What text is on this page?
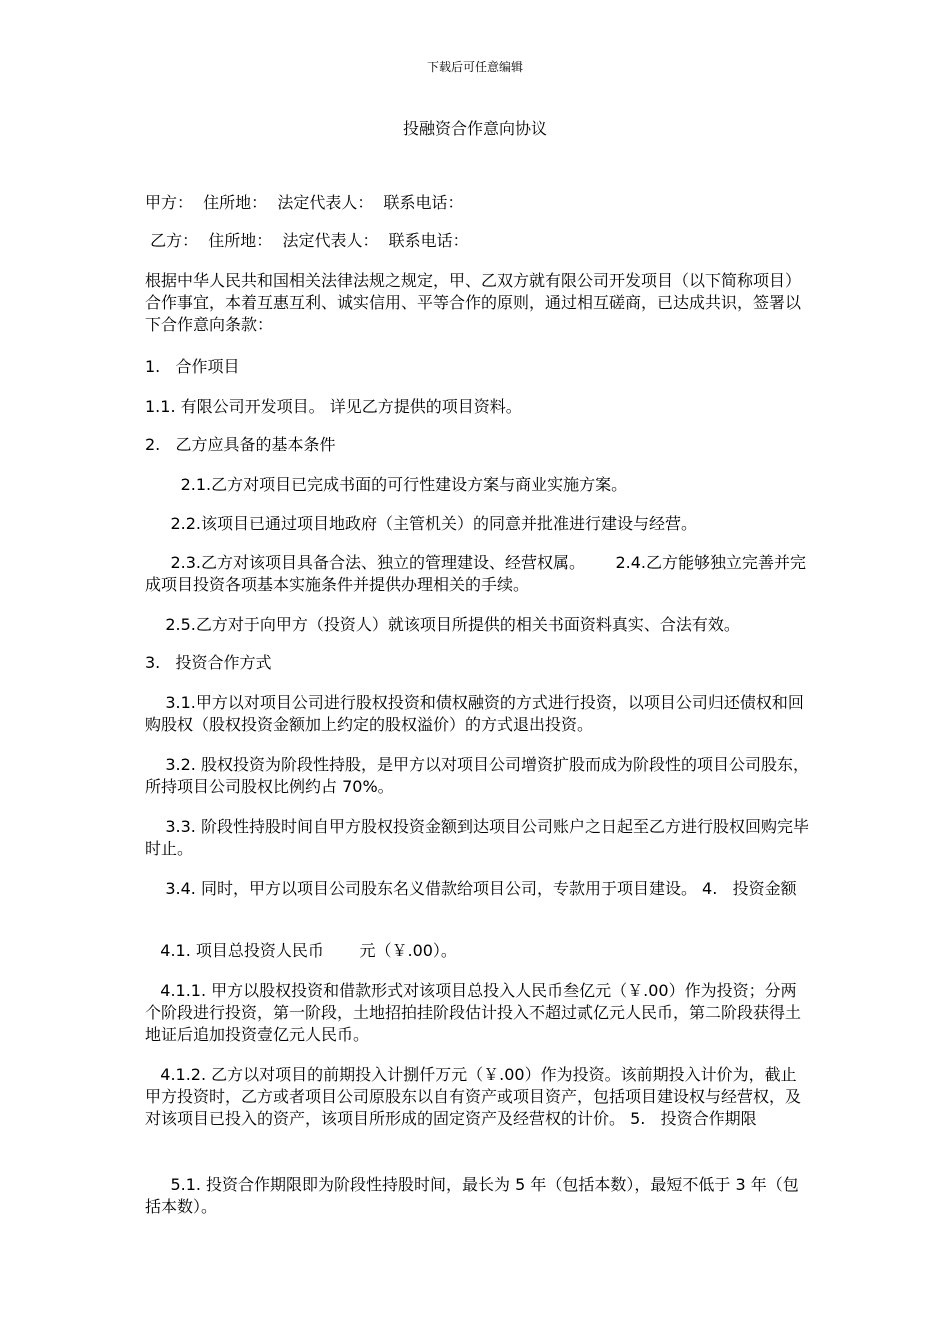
下载后可任意编辑
投融资合作意向协议
甲方：  住所地：  法定代表人：  联系电话：
乙方：  住所地：  法定代表人：  联系电话：
根据中华人民共和国相关法律法规之规定，甲、乙双方就有限公司开发项目（以下简称项目）合作事宜，本着互惠互利、诚实信用、平等合作的原则，通过相互磋商，已达成共识，签署以下合作意向条款：
1.   合作项目
1.1. 有限公司开发项目。 详见乙方提供的项目资料。
2.   乙方应具备的基本条件
2.1.乙方对项目已完成书面的可行性建设方案与商业实施方案。
2.2.该项目已通过项目地政府（主管机关）的同意并批准进行建设与经营。
2.3.乙方对该项目具备合法、独立的管理建设、经营权属。      2.4.乙方能够独立完善并完成项目投资各项基本实施条件并提供办理相关的手续。
2.5.乙方对于向甲方（投资人）就该项目所提供的相关书面资料真实、合法有效。
3.   投资合作方式
3.1.甲方以对项目公司进行股权投资和债权融资的方式进行投资，以项目公司归还债权和回购股权（股权投资金额加上约定的股权溢价）的方式退出投资。
3.2. 股权投资为阶段性持股，是甲方以对项目公司增资扩股而成为阶段性的项目公司股东，所持项目公司股权比例约占 70%。
3.3. 阶段性持股时间自甲方股权投资金额到达项目公司账户之日起至乙方进行股权回购完毕时止。
3.4. 同时，甲方以项目公司股东名义借款给项目公司，专款用于项目建设。 4.   投资金额
4.1. 项目总投资人民币       元（￥.00）。
4.1.1. 甲方以股权投资和借款形式对该项目总投入人民币叁亿元（￥.00）作为投资；分两个阶段进行投资，第一阶段，土地招拍挂阶段估计投入不超过贰亿元人民币，第二阶段获得土地证后追加投资壹亿元人民币。
4.1.2. 乙方以对项目的前期投入计捌仟万元（￥.00）作为投资。该前期投入计价为，截止甲方投资时，乙方或者项目公司原股东以自有资产或项目资产，包括项目建设权与经营权，及对该项目已投入的资产，该项目所形成的固定资产及经营权的计价。 5.   投资合作期限
5.1. 投资合作期限即为阶段性持股时间，最长为 5 年（包括本数），最短不低于 3 年（包括本数）。
